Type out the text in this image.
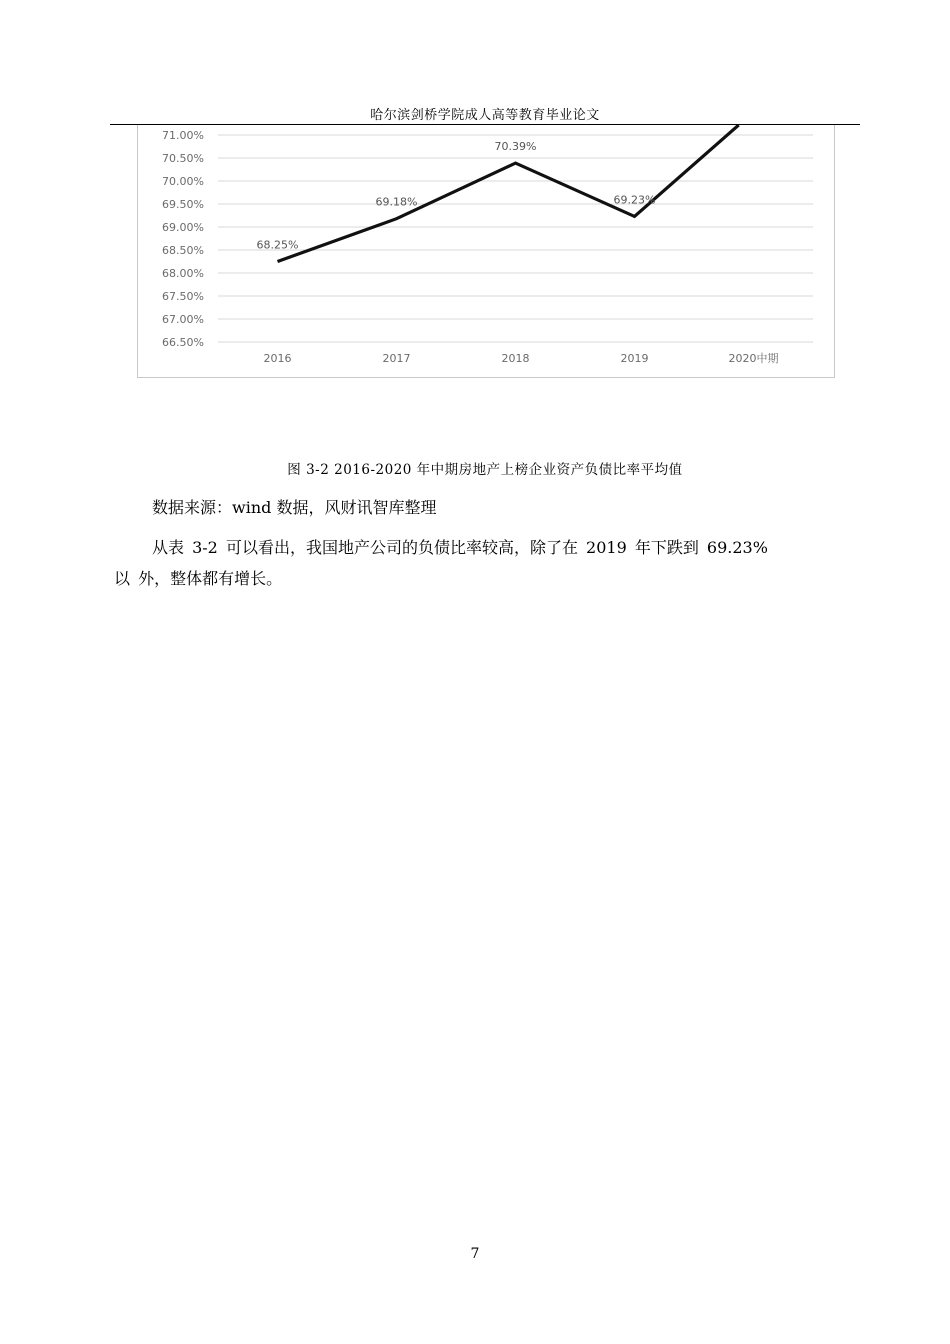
哈尔滨剑桥学院成人高等教育毕业论文
71.00%
70.50%
70.00%
69.50%
69.00%
68.50%
68.00%
67.50%
67.00%
66.50%
2016	2017	2018	2019	2020中期
68.25%
69.18%
70.39%
69.23%
图 3-2 2016-2020 年中期房地产上榜企业资产负债比率平均值
数据来源：wind 数据，风财讯智库整理
从表 3-2 可以看出，我国地产公司的负债比率较高，除了在 2019 年下跌到 69.23%
以 外，整体都有增长。
7
